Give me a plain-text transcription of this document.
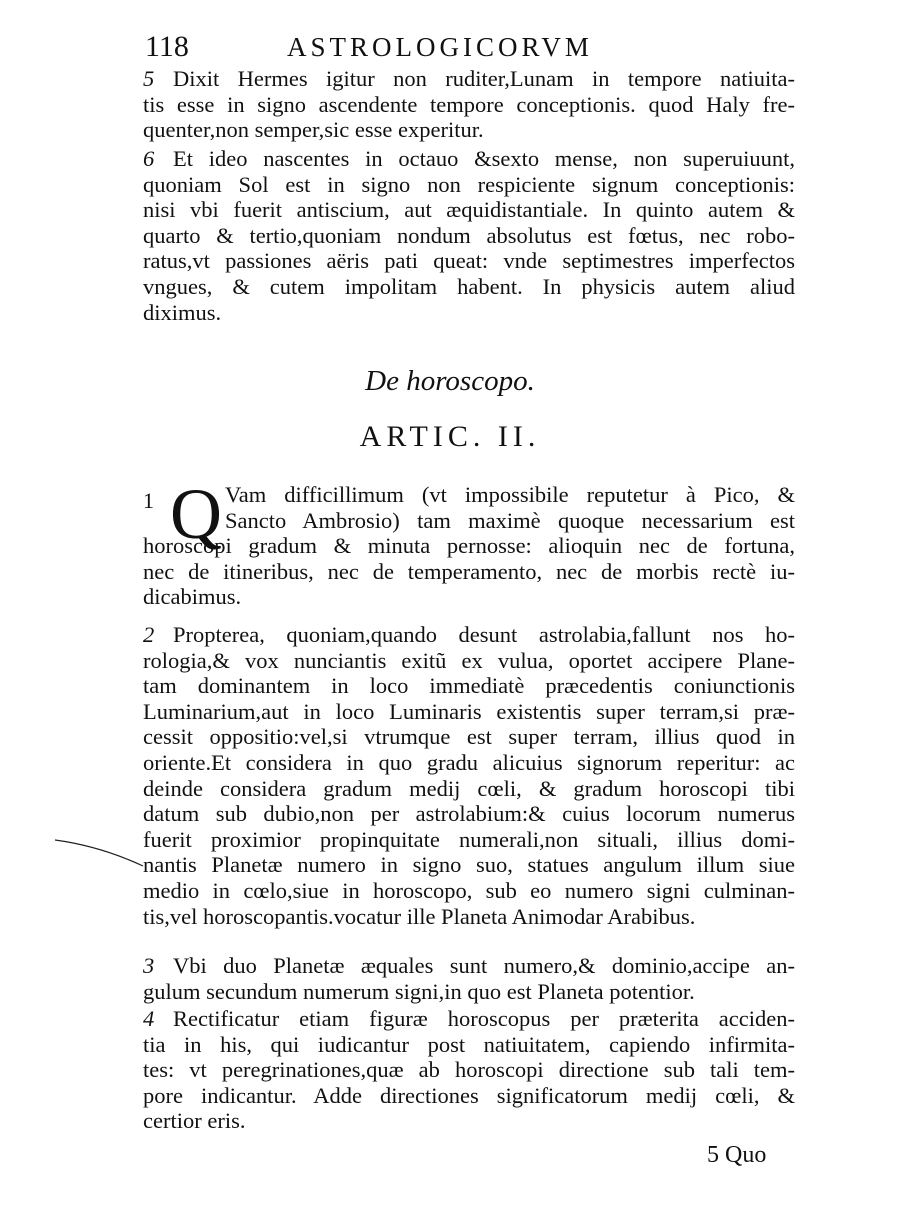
118	ASTROLOGICORVM
5 Dixit Hermes igitur non ruditer,Lunam in tempore natiuita-
tis esse in signo ascendente tempore conceptionis. quod Haly fre-
quenter,non semper,sic esse experitur.
6 Et ideo nascentes in octauo &sexto mense, non superuiuunt,
quoniam Sol est in signo non respiciente signum conceptionis:
nisi vbi fuerit antiscium, aut æquidistantiale. In quinto autem &
quarto & tertio,quoniam nondum absolutus est fœtus, nec robo-
ratus,vt passiones aëris pati queat: vnde septimestres imperfectos
vngues, & cutem impolitam habent. In physicis autem aliud
diximus.
De horoscopo.
ARTIC. II.
1 Q Vam difficillimum (vt impossibile reputetur à Pico, &
Sancto Ambrosio) tam maximè quoque necessarium est
horoscopi gradum & minuta pernosse: alioquin nec de fortuna,
nec de itineribus, nec de temperamento, nec de morbis rectè iu-
dicabimus.
2 Propterea, quoniam,quando desunt astrolabia,fallunt nos ho-
rologia,& vox nunciantis exitũ ex vulua, oportet accipere Plane-
tam dominantem in loco immediatè præcedentis coniunctionis
Luminarium,aut in loco Luminaris existentis super terram,si præ-
cessit oppositio:vel,si vtrumque est super terram, illius quod in
oriente.Et considera in quo gradu alicuius signorum reperitur: ac
deinde considera gradum medij cœli, & gradum horoscopi tibi
datum sub dubio,non per astrolabium:& cuius locorum numerus
fuerit proximior propinquitate numerali,non situali, illius domi-
nantis Planetæ numero in signo suo, statues angulum illum siue
medio in cœlo,siue in horoscopo, sub eo numero signi culminan-
tis,vel horoscopantis.vocatur ille Planeta Animodar Arabibus.
3 Vbi duo Planetæ æquales sunt numero,& dominio,accipe an-
gulum secundum numerum signi,in quo est Planeta potentior.
4 Rectificatur etiam figuræ horoscopus per præterita acciden-
tia in his, qui iudicantur post natiuitatem, capiendo infirmita-
tes: vt peregrinationes,quæ ab horoscopi directione sub tali tem-
pore indicantur. Adde directiones significatorum medij cœli, &
certior eris.
5 Quo
